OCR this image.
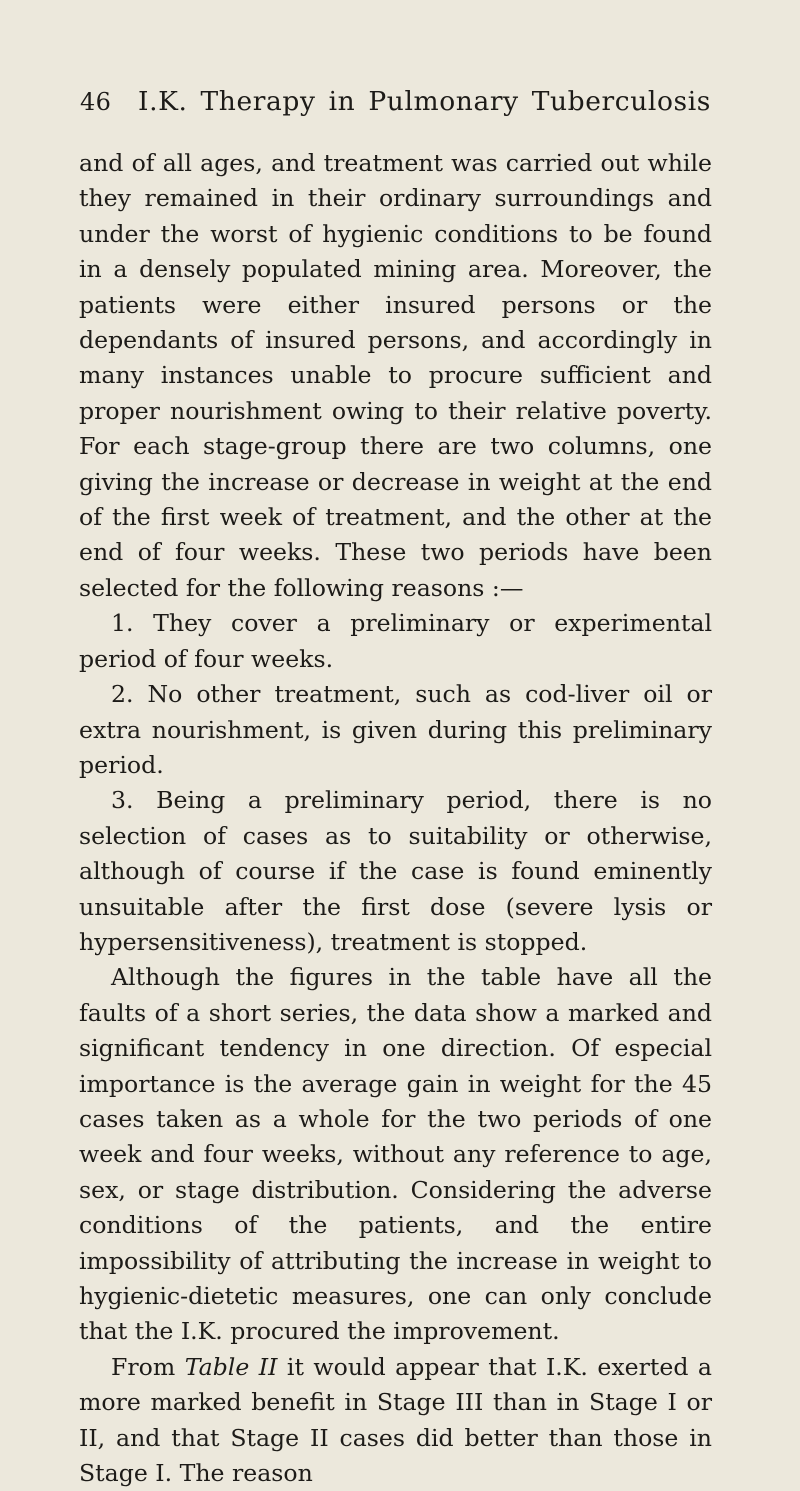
46	I.K. Therapy in Pulmonary Tuberculosis

and of all ages, and treatment was carried out while they remained in their ordinary surroundings and under the worst of hygienic conditions to be found in a densely populated mining area. Moreover, the patients were either insured persons or the dependants of insured persons, and accordingly in many instances unable to procure sufficient and proper nourishment owing to their relative poverty. For each stage-group there are two columns, one giving the increase or decrease in weight at the end of the first week of treatment, and the other at the end of four weeks. These two periods have been selected for the following reasons :—

1. They cover a preliminary or experimental period of four weeks.

2. No other treatment, such as cod-liver oil or extra nourishment, is given during this preliminary period.

3. Being a preliminary period, there is no selection of cases as to suitability or otherwise, although of course if the case is found eminently unsuitable after the first dose (severe lysis or hypersensitiveness), treatment is stopped.

Although the figures in the table have all the faults of a short series, the data show a marked and significant tendency in one direction. Of especial importance is the average gain in weight for the 45 cases taken as a whole for the two periods of one week and four weeks, without any reference to age, sex, or stage distribution. Considering the adverse conditions of the patients, and the entire impossibility of attributing the increase in weight to hygienic-dietetic measures, one can only conclude that the I.K. procured the improvement.

From Table II it would appear that I.K. exerted a more marked benefit in Stage III than in Stage I or II, and that Stage II cases did better than those in Stage I. The reason
